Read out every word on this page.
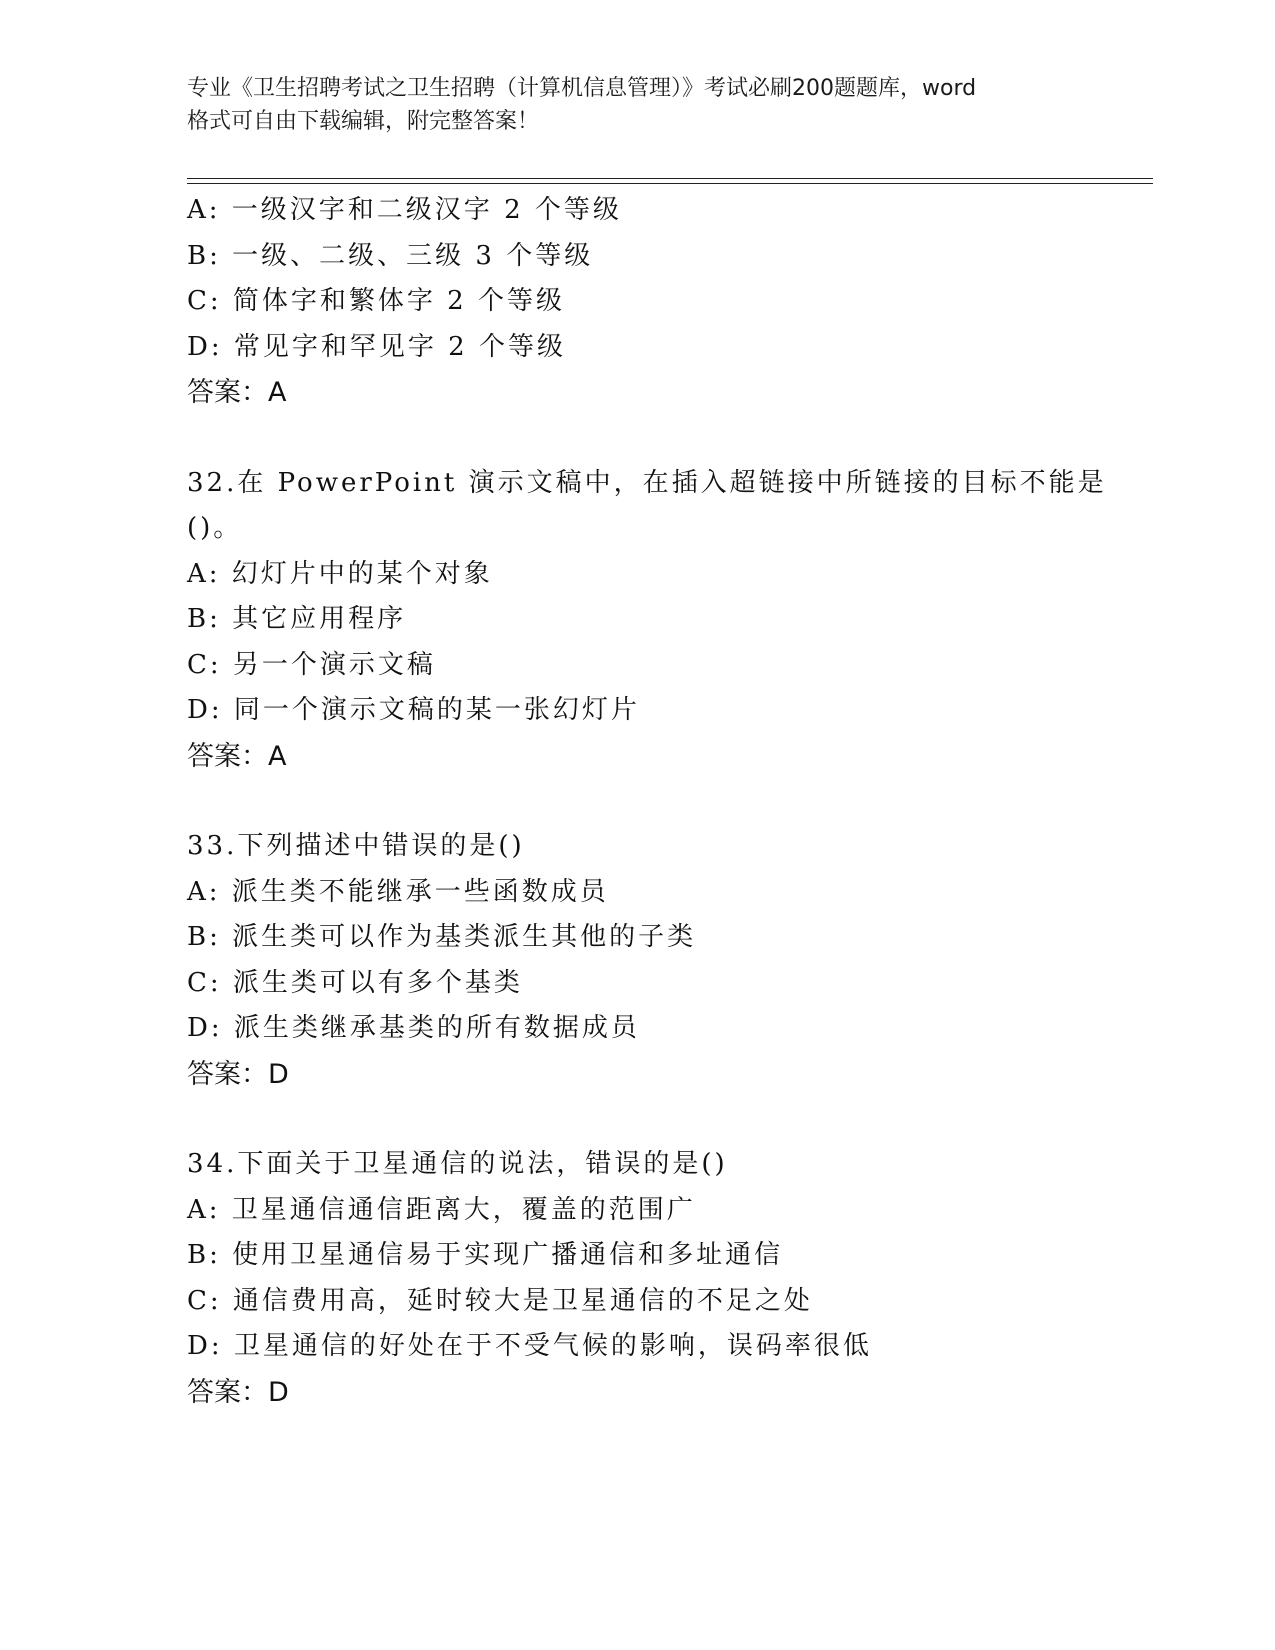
专业《卫生招聘考试之卫生招聘（计算机信息管理）》考试必刷200题题库，word
格式可自由下载编辑，附完整答案！

A: 一级汉字和二级汉字 2 个等级

B: 一级、二级、三级 3 个等级

C: 简体字和繁体字 2 个等级

D: 常见字和罕见字 2 个等级

答案：A

32.在 PowerPoint 演示文稿中，在插入超链接中所链接的目标不能是

()。

A: 幻灯片中的某个对象

B: 其它应用程序

C: 另一个演示文稿

D: 同一个演示文稿的某一张幻灯片

答案：A

33.下列描述中错误的是()

A: 派生类不能继承一些函数成员

B: 派生类可以作为基类派生其他的子类

C: 派生类可以有多个基类

D: 派生类继承基类的所有数据成员

答案：D

34.下面关于卫星通信的说法，错误的是()

A: 卫星通信通信距离大，覆盖的范围广

B: 使用卫星通信易于实现广播通信和多址通信

C: 通信费用高，延时较大是卫星通信的不足之处

D: 卫星通信的好处在于不受气候的影响，误码率很低

答案：D
